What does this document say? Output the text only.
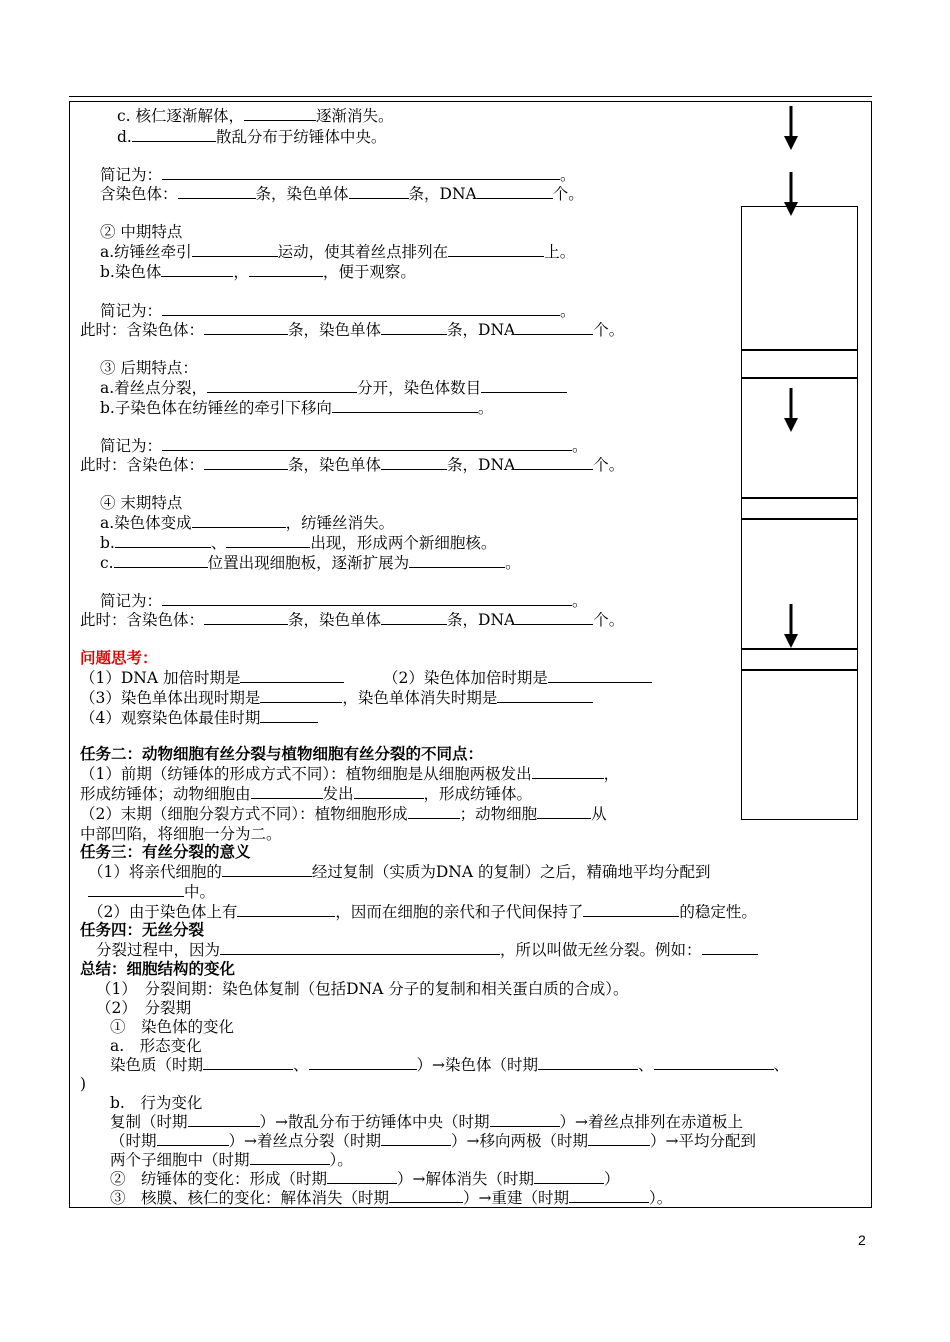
c. 核仁逐渐解体，	逐渐消失。
d.	散乱分布于纺锤体中央。
简记为：	。
含染色体：	条，染色单体	条，DNA	个。
② 中期特点
a.纺锤丝牵引	运动，使其着丝点排列在	上。
b.染色体	，	，便于观察。
简记为：	。
此时：含染色体：	条，染色单体	条，DNA	个。
③ 后期特点：
a.着丝点分裂，	分开，染色体数目
b.子染色体在纺锤丝的牵引下移向	。
简记为：	。
此时：含染色体：	条，染色单体	条，DNA	个。
④ 末期特点
a.染色体变成	，纺锤丝消失。
b.	、	出现，形成两个新细胞核。
c.	位置出现细胞板，逐渐扩展为	。
简记为：	。
此时：含染色体：	条，染色单体	条，DNA	个。
问题思考：
（1）DNA 加倍时期是	（2）染色体加倍时期是
（3）染色单体出现时期是	，染色单体消失时期是
（4）观察染色体最佳时期
任务二：动物细胞有丝分裂与植物细胞有丝分裂的不同点：
（1）前期（纺锤体的形成方式不同）：植物细胞是从细胞两极发出	，
形成纺锤体；动物细胞由	发出	，形成纺锤体。
（2）末期（细胞分裂方式不同）：植物细胞形成	；动物细胞	从
中部凹陷，将细胞一分为二。
任务三：有丝分裂的意义
（1）将亲代细胞的	经过复制（实质为DNA 的复制）之后，精确地平均分配到
中。
（2）由于染色体上有	，因而在细胞的亲代和子代间保持了	的稳定性。
任务四：无丝分裂
分裂过程中，因为	，所以叫做无丝分裂。例如：
总结：细胞结构的变化
（1）　分裂间期：染色体复制（包括DNA 分子的复制和相关蛋白质的合成）。
（2）　分裂期
①　染色体的变化
a.　形态变化
染色质（时期	、	）→染色体（时期	、	、
)
b.　行为变化
复制（时期	）→散乱分布于纺锤体中央（时期	）→着丝点排列在赤道板上
（时期	）→着丝点分裂（时期	）→移向两极（时期	）→平均分配到
两个子细胞中（时期	）。
②　纺锤体的变化：形成（时期	）→解体消失（时期	）
③　核膜、核仁的变化：解体消失（时期	）→重建（时期	）。
2
